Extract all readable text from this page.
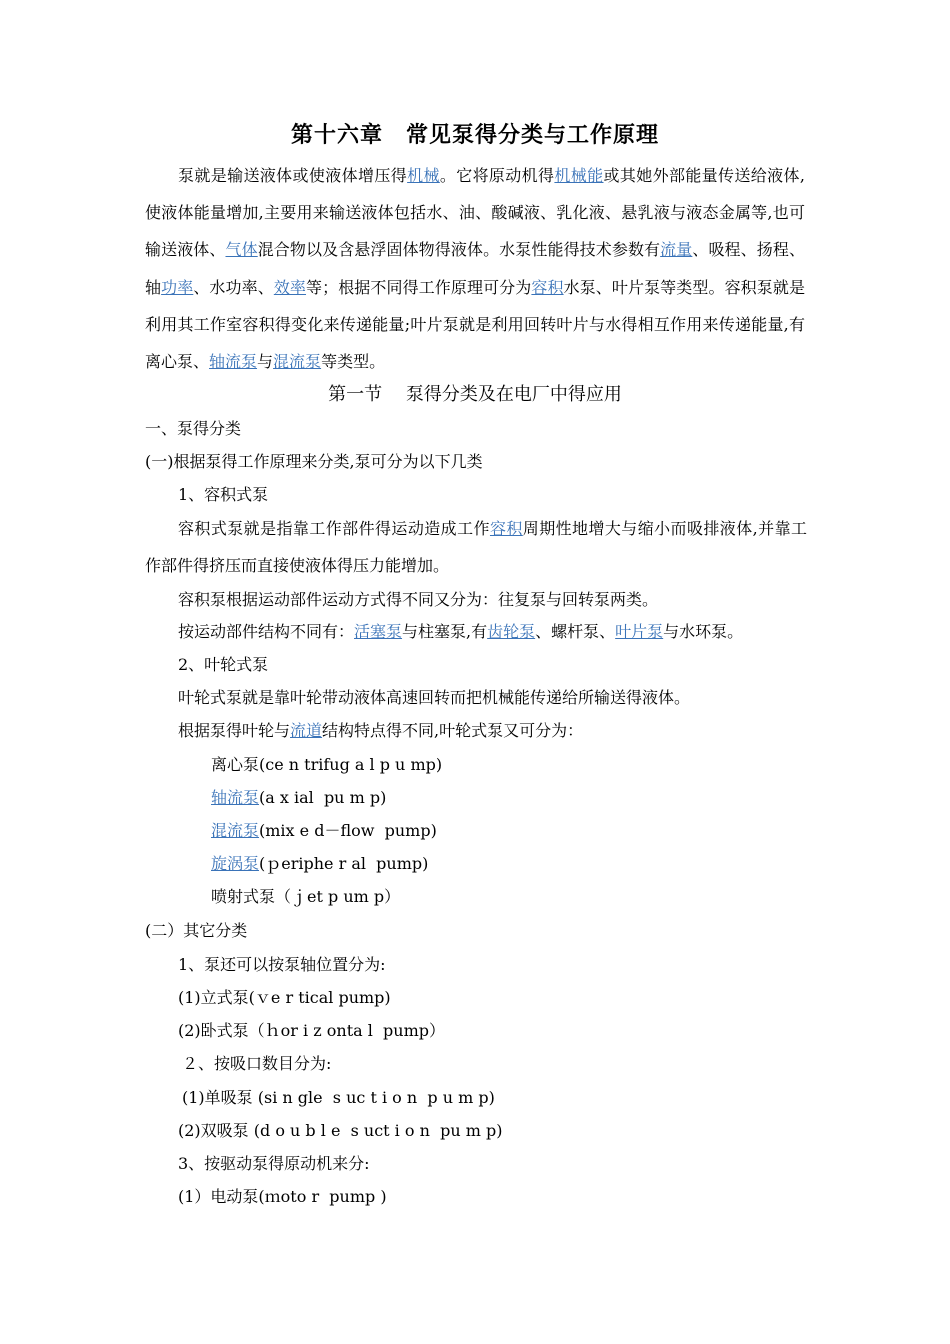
第十六章　常见泵得分类与工作原理
泵就是输送液体或使液体增压得机械。它将原动机得机械能或其她外部能量传送给液体,使液体能量增加,主要用来输送液体包括水、油、酸碱液、乳化液、悬乳液与液态金属等,也可输送液体、气体混合物以及含悬浮固体物得液体。水泵性能得技术参数有流量、吸程、扬程、轴功率、水功率、效率等；根据不同得工作原理可分为容积水泵、叶片泵等类型。容积泵就是利用其工作室容积得变化来传递能量;叶片泵就是利用回转叶片与水得相互作用来传递能量,有离心泵、轴流泵与混流泵等类型。
第一节　 泵得分类及在电厂中得应用
一、泵得分类
(一)根据泵得工作原理来分类,泵可分为以下几类
1、容积式泵
容积式泵就是指靠工作部件得运动造成工作容积周期性地增大与缩小而吸排液体,并靠工作部件得挤压而直接使液体得压力能增加。
容积泵根据运动部件运动方式得不同又分为：往复泵与回转泵两类。
按运动部件结构不同有：活塞泵与柱塞泵,有齿轮泵、螺杆泵、叶片泵与水环泵。
2、叶轮式泵
叶轮式泵就是靠叶轮带动液体高速回转而把机械能传递给所输送得液体。
根据泵得叶轮与流道结构特点得不同,叶轮式泵又可分为：
离心泵(ce n trifug a l p u mp)
轴流泵(a x ial  pu m p)
混流泵(mix e d－flow  pump)
旋涡泵(ｐeriphe r al  pump)
喷射式泵（ｊet p um p）
(二）其它分类
1、泵还可以按泵轴位置分为:
(1)立式泵(ｖe r tical pump)
(2)卧式泵（ｈor i z onta l  pump）
２、按吸口数目分为:
(1)单吸泵 (si n gle  s uc t i o n  p u m p)
(2)双吸泵 (d o u b l e  s uct i o n  pu m p)
3、按驱动泵得原动机来分:
(1）电动泵(ｍoto r  pump )
